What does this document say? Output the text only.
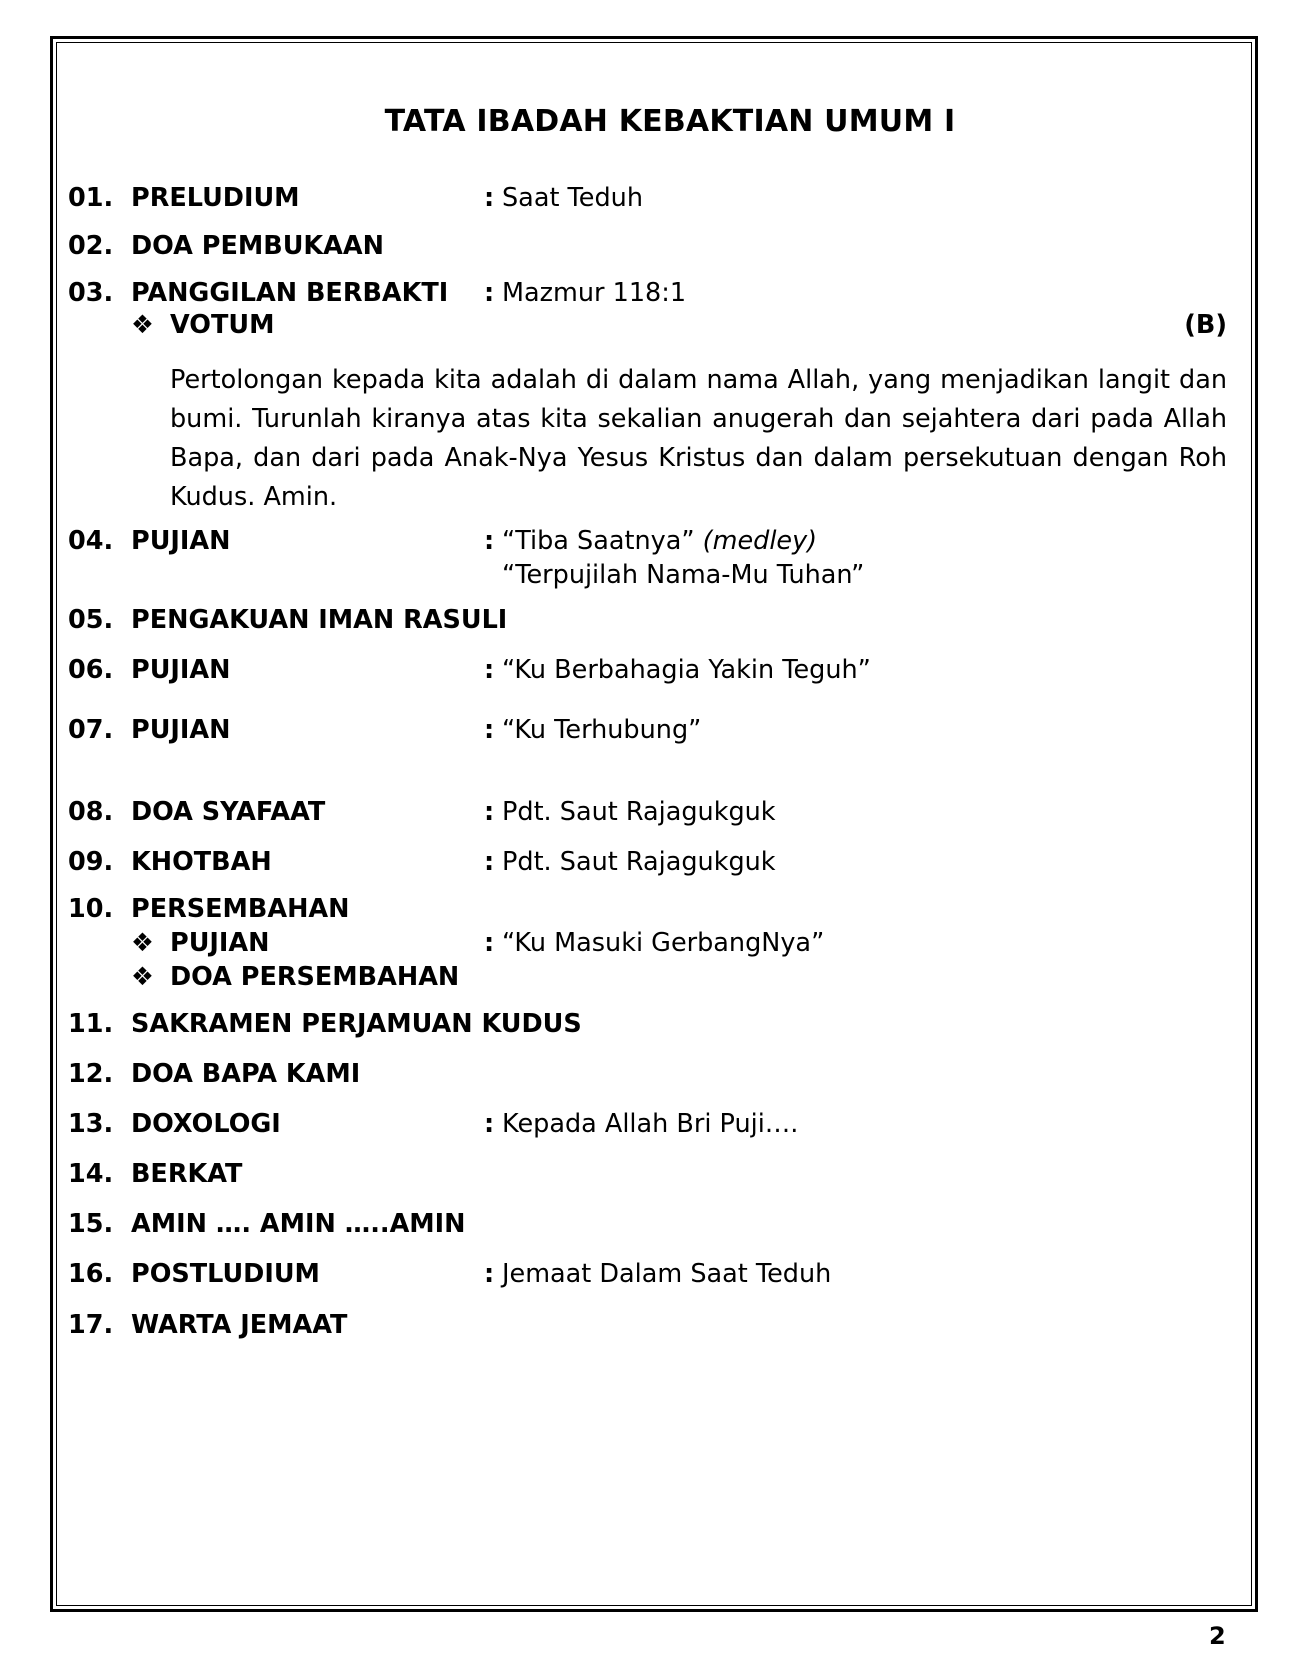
TATA IBADAH KEBAKTIAN UMUM I
01. PRELUDIUM	: Saat Teduh
02. DOA PEMBUKAAN
03. PANGGILAN BERBAKTI : Mazmur 118:1
❖ VOTUM	(B)
Pertolongan kepada kita adalah di dalam nama Allah, yang menjadikan langit dan bumi. Turunlah kiranya atas kita sekalian anugerah dan sejahtera dari pada Allah Bapa, dan dari pada Anak-Nya Yesus Kristus dan dalam persekutuan dengan Roh Kudus. Amin.
04. PUJIAN	: “Tiba Saatnya” (medley)
“Terpujilah Nama-Mu Tuhan”
05. PENGAKUAN IMAN RASULI
06. PUJIAN	: “Ku Berbahagia Yakin Teguh”
07. PUJIAN	: “Ku Terhubung”
08. DOA SYAFAAT	: Pdt. Saut Rajagukguk
09. KHOTBAH	: Pdt. Saut Rajagukguk
10. PERSEMBAHAN
❖ PUJIAN	: “Ku Masuki GerbangNya”
❖ DOA PERSEMBAHAN
11. SAKRAMEN PERJAMUAN KUDUS
12. DOA BAPA KAMI
13. DOXOLOGI	: Kepada Allah Bri Puji….
14. BERKAT
15. AMIN …. AMIN …..AMIN
16. POSTLUDIUM	: Jemaat Dalam Saat Teduh
17. WARTA JEMAAT
2
